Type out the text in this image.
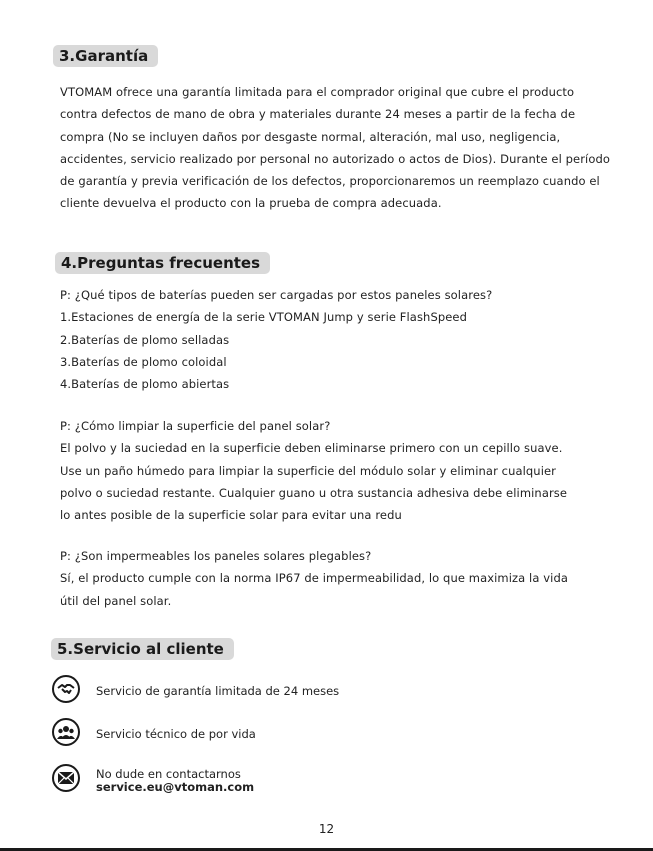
3.Garantía

VTOMAM ofrece una garantía limitada para el comprador original que cubre el producto
contra defectos de mano de obra y materiales durante 24 meses a partir de la fecha de
compra (No se incluyen daños por desgaste normal, alteración, mal uso, negligencia,
accidentes, servicio realizado por personal no autorizado o actos de Dios). Durante el período
de garantía y previa verificación de los defectos, proporcionaremos un reemplazo cuando el
cliente devuelva el producto con la prueba de compra adecuada.

4.Preguntas frecuentes

P: ¿Qué tipos de baterías pueden ser cargadas por estos paneles solares?
1.Estaciones de energía de la serie VTOMAN Jump y serie FlashSpeed
2.Baterías de plomo selladas
3.Baterías de plomo coloidal
4.Baterías de plomo abiertas

P: ¿Cómo limpiar la superficie del panel solar?
El polvo y la suciedad en la superficie deben eliminarse primero con un cepillo suave.
Use un paño húmedo para limpiar la superficie del módulo solar y eliminar cualquier
polvo o suciedad restante. Cualquier guano u otra sustancia adhesiva debe eliminarse
lo antes posible de la superficie solar para evitar una redu

P: ¿Son impermeables los paneles solares plegables?
Sí, el producto cumple con la norma IP67 de impermeabilidad, lo que maximiza la vida
útil del panel solar.

5.Servicio al cliente
Servicio de garantía limitada de 24 meses
Servicio técnico de por vida
No dude en contactarnos
service.eu@vtoman.com
12
